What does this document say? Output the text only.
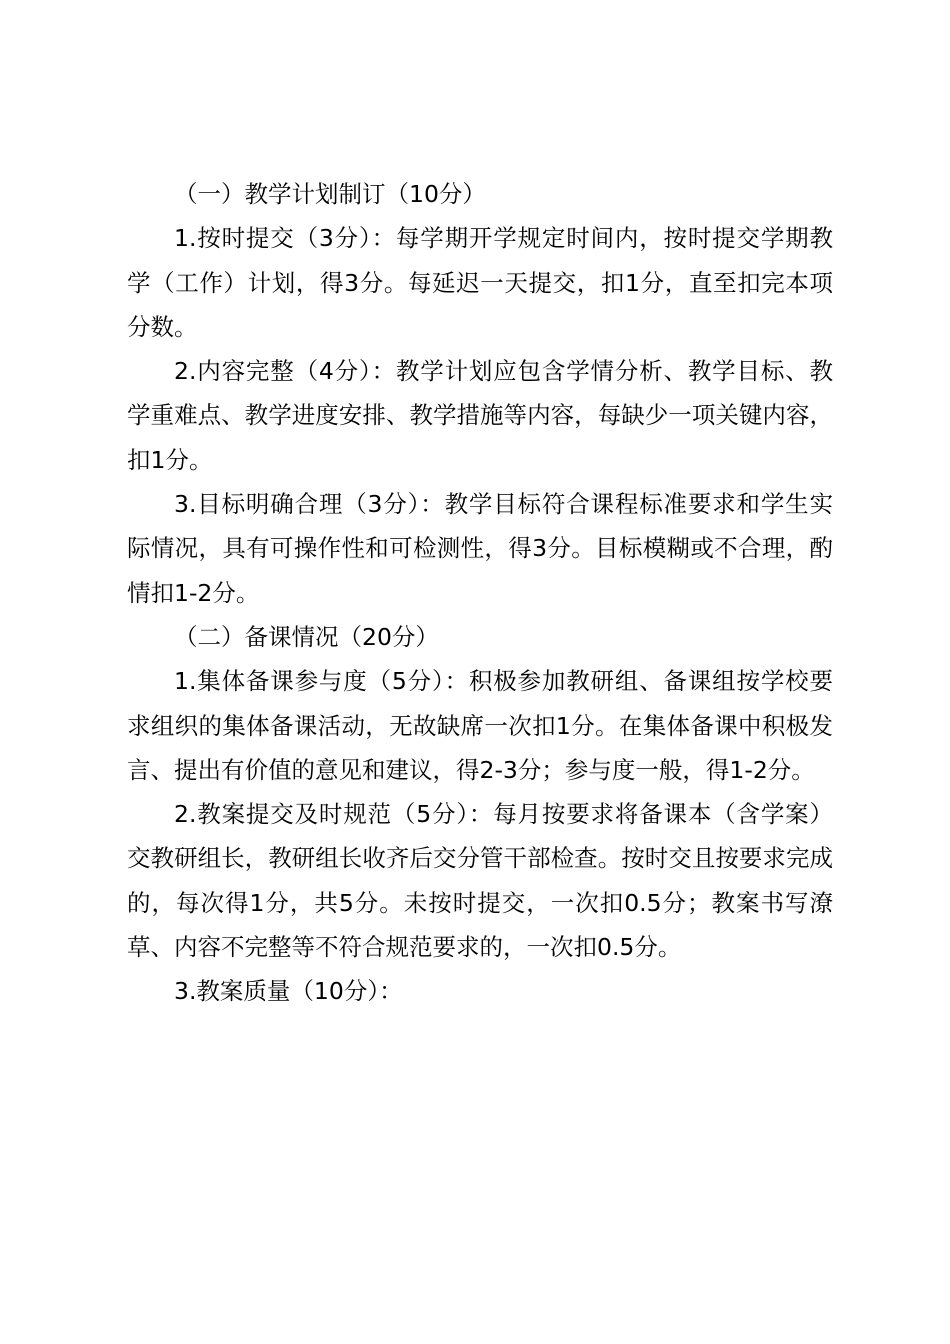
（一）教学计划制订（10分）

1.按时提交（3分）：每学期开学规定时间内，按时提交学期教学（工作）计划，得3分。每延迟一天提交，扣1分，直至扣完本项分数。

2.内容完整（4分）：教学计划应包含学情分析、教学目标、教学重难点、教学进度安排、教学措施等内容，每缺少一项关键内容，扣1分。

3.目标明确合理（3分）：教学目标符合课程标准要求和学生实际情况，具有可操作性和可检测性，得3分。目标模糊或不合理，酌情扣1-2分。

（二）备课情况（20分）

1.集体备课参与度（5分）：积极参加教研组、备课组按学校要求组织的集体备课活动，无故缺席一次扣1分。在集体备课中积极发言、提出有价值的意见和建议，得2-3分；参与度一般，得1-2分。

2.教案提交及时规范（5分）：每月按要求将备课本（含学案）交教研组长，教研组长收齐后交分管干部检查。按时交且按要求完成的，每次得1分，共5分。未按时提交，一次扣0.5分；教案书写潦草、内容不完整等不符合规范要求的，一次扣0.5分。

3.教案质量（10分）：
